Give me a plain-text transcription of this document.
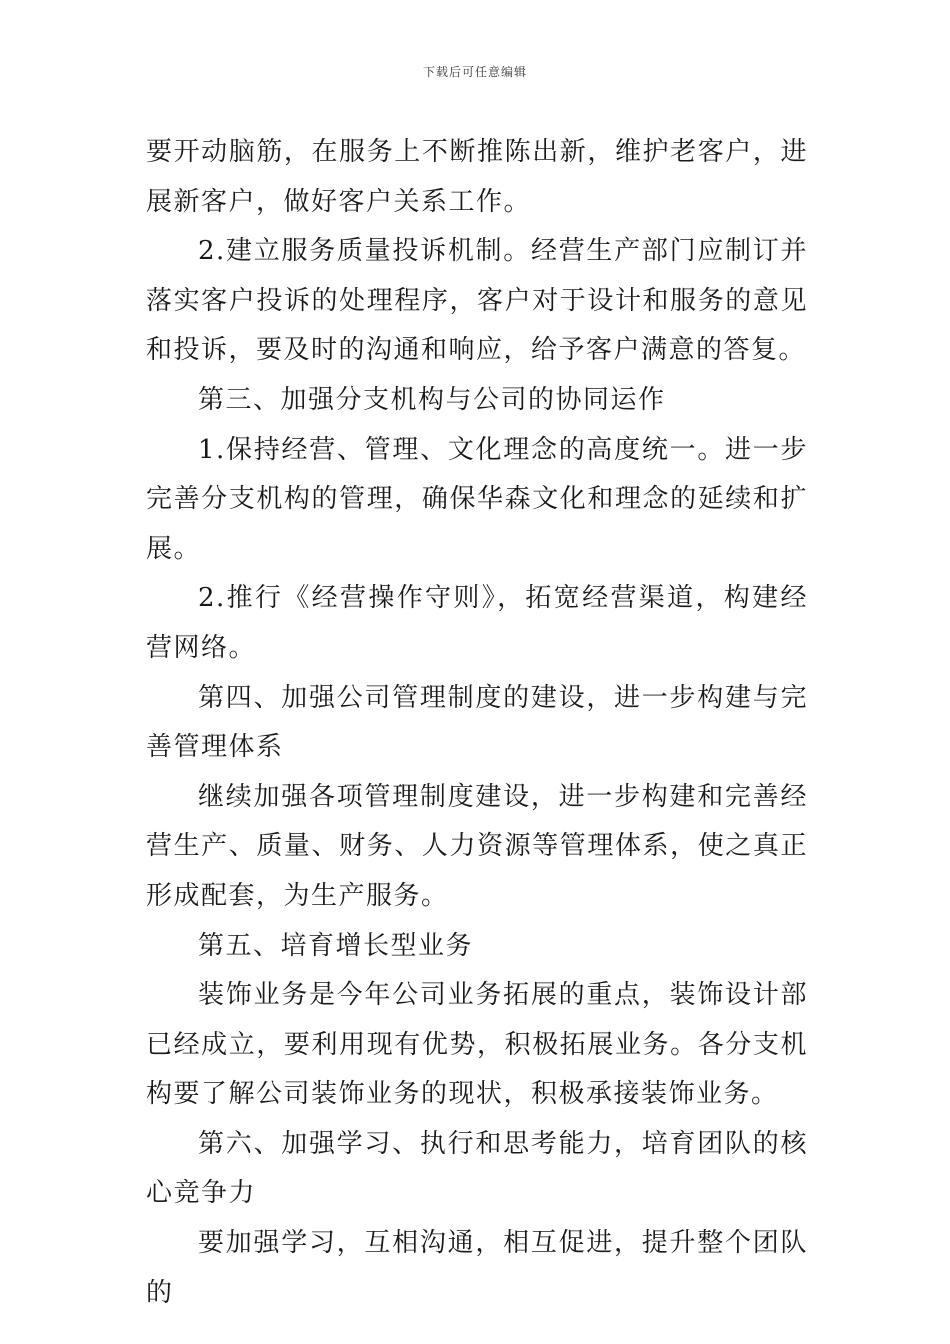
下载后可任意编辑

要开动脑筋，在服务上不断推陈出新，维护老客户，进展新客户，做好客户关系工作。

2.建立服务质量投诉机制。经营生产部门应制订并落实客户投诉的处理程序，客户对于设计和服务的意见和投诉，要及时的沟通和响应，给予客户满意的答复。

第三、加强分支机构与公司的协同运作

1.保持经营、管理、文化理念的高度统一。进一步完善分支机构的管理，确保华森文化和理念的延续和扩展。

2.推行《经营操作守则》，拓宽经营渠道，构建经营网络。

第四、加强公司管理制度的建设，进一步构建与完善管理体系

继续加强各项管理制度建设，进一步构建和完善经营生产、质量、财务、人力资源等管理体系，使之真正形成配套，为生产服务。

第五、培育增长型业务

装饰业务是今年公司业务拓展的重点，装饰设计部已经成立，要利用现有优势，积极拓展业务。各分支机构要了解公司装饰业务的现状，积极承接装饰业务。

第六、加强学习、执行和思考能力，培育团队的核心竞争力

要加强学习，互相沟通，相互促进，提升整个团队的
